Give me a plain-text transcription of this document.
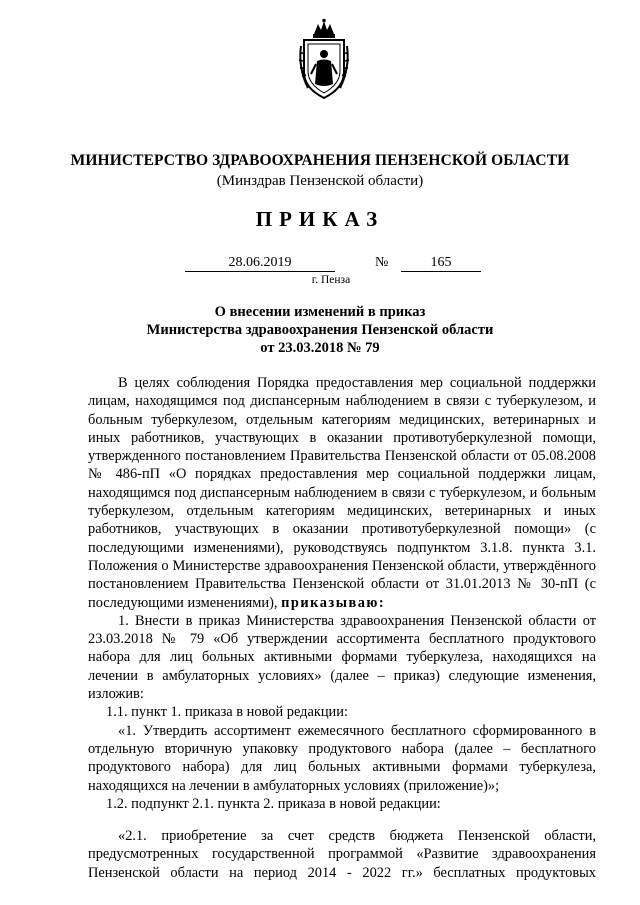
МИНИСТЕРСТВО ЗДРАВООХРАНЕНИЯ ПЕНЗЕНСКОЙ ОБЛАСТИ
(Минздрав Пензенской области)
ПРИКАЗ
28.06.2019	№	165
г. Пенза
О внесении изменений в приказ
Министерства здравоохранения Пензенской области
от 23.03.2018 № 79

В целях соблюдения Порядка предоставления мер социальной поддержки лицам, находящимся под диспансерным наблюдением в связи с туберкулезом, и больным туберкулезом, отдельным категориям медицинских, ветеринарных и иных работников, участвующих в оказании противотуберкулезной помощи, утвержденного постановлением Правительства Пензенской области от 05.08.2008 № 486-пП «О порядках предоставления мер социальной поддержки лицам, находящимся под диспансерным наблюдением в связи с туберкулезом, и больным туберкулезом, отдельным категориям медицинских, ветеринарных и иных работников, участвующих в оказании противотуберкулезной помощи» (с последующими изменениями), руководствуясь подпунктом 3.1.8. пункта 3.1. Положения о Министерстве здравоохранения Пензенской области, утверждённого постановлением Правительства Пензенской области от 31.01.2013 № 30-пП (с последующими изменениями), приказываю:

1. Внести в приказ Министерства здравоохранения Пензенской области от 23.03.2018 № 79 «Об утверждении ассортимента бесплатного продуктового набора для лиц больных активными формами туберкулеза, находящихся на лечении в амбулаторных условиях» (далее – приказ) следующие изменения, изложив:

1.1. пункт 1. приказа в новой редакции:

«1. Утвердить ассортимент ежемесячного бесплатного сформированного в отдельную вторичную упаковку продуктового набора (далее – бесплатного продуктового набора) для лиц больных активными формами туберкулеза, находящихся на лечении в амбулаторных условиях (приложение)»;

1.2. подпункт 2.1. пункта 2. приказа в новой редакции:

«2.1. приобретение за счет средств бюджета Пензенской области, предусмотренных государственной программой «Развитие здравоохранения Пензенской области на период 2014 - 2022 гг.» бесплатных продуктовых
